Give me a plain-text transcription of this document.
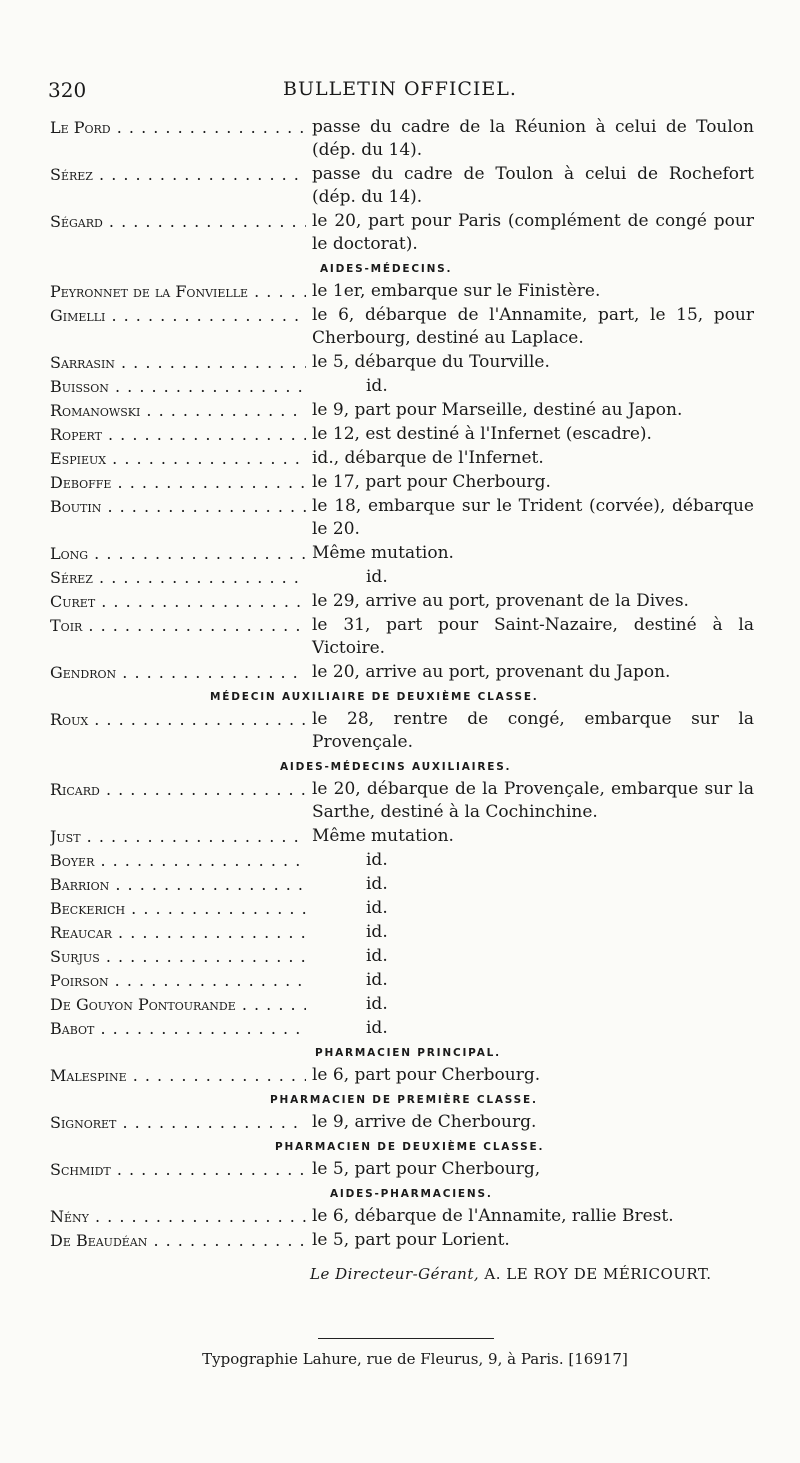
320	BULLETIN OFFICIEL.
Le Pord . . .	passe du cadre de la Réunion à celui de Toulon (dép. du 14).
Sérez . . .	passe du cadre de Toulon à celui de Rochefort (dép. du 14).
Ségard . . .	le 20, part pour Paris (complément de congé pour le doctorat).
AIDES-MÉDECINS.
Peyronnet de la Fonvielle . . .	le 1er, embarque sur le Finistère.
Gimelli . . .	le 6, débarque de l'Annamite, part, le 15, pour Cherbourg, destiné au Laplace.
Sarrasin . . .	le 5, débarque du Tourville.
Buisson . . .	id.
Romanowski . . .	le 9, part pour Marseille, destiné au Japon.
Ropert . . .	le 12, est destiné à l'Infernet (escadre).
Espieux . . .	id., débarque de l'Infernet.
Deboffe . . .	le 17, part pour Cherbourg.
Boutin . . .	le 18, embarque sur le Trident (corvée), débarque le 20.
Long . . .	Même mutation.
Sérez . . .	id.
Curet . . .	le 29, arrive au port, provenant de la Dives.
Toir . . .	le 31, part pour Saint-Nazaire, destiné à la Victoire.
Gendron . . .	le 20, arrive au port, provenant du Japon.
MÉDECIN AUXILIAIRE DE DEUXIÈME CLASSE.
Roux . . .	le 28, rentre de congé, embarque sur la Provençale.
AIDES-MÉDECINS AUXILIAIRES.
Ricard . . .	le 20, débarque de la Provençale, embarque sur la Sarthe, destiné à la Cochinchine.
Just . . .	Même mutation.
Boyer . . .	id.
Barrion . . .	id.
Beckerich . . .	id.
Reaucar . . .	id.
Surjus . . .	id.
Poirson . . .	id.
De Gouyon Pontourande . . .	id.
Babot . . .	id.
PHARMACIEN PRINCIPAL.
Malespine . . .	le 6, part pour Cherbourg.
PHARMACIEN DE PREMIÈRE CLASSE.
Signoret . . .	le 9, arrive de Cherbourg.
PHARMACIEN DE DEUXIÈME CLASSE.
Schmidt . . .	le 5, part pour Cherbourg,
AIDES-PHARMACIENS.
Nény . . .	le 6, débarque de l'Annamite, rallie Brest.
De Beaudéan . . .	le 5, part pour Lorient.
Le Directeur-Gérant, A. LE ROY DE MÉRICOURT.
Typographie Lahure, rue de Fleurus, 9, à Paris. [16917]
